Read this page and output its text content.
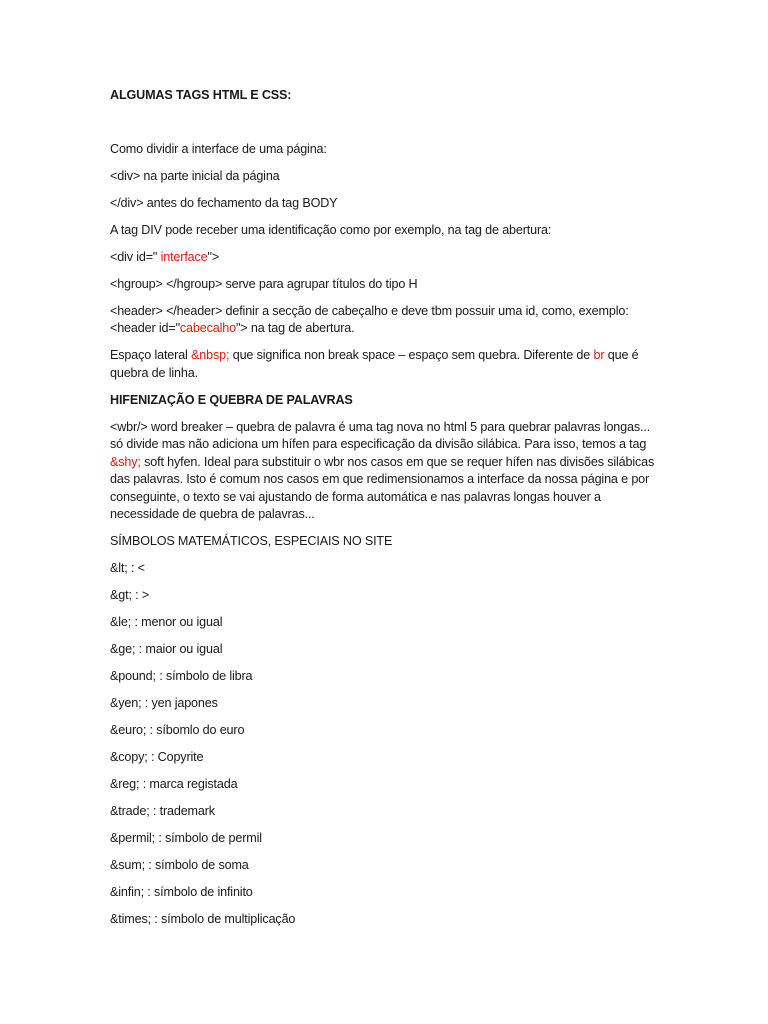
ALGUMAS TAGS HTML E CSS:

Como dividir a interface de uma página:

<div> na parte inicial da página

</div> antes do fechamento da tag BODY

A tag DIV pode receber uma identificação como por exemplo, na tag de abertura:

<div id=" interface">

<hgroup> </hgroup> serve para agrupar títulos do tipo H

<header> </header> definir a secção de cabeçalho e deve tbm possuir uma id, como, exemplo:
<header id="cabecalho"> na tag de abertura.

Espaço lateral &nbsp; que significa non break space – espaço sem quebra. Diferente de br que é quebra de linha.

HIFENIZAÇÃO E QUEBRA DE PALAVRAS

<wbr/> word breaker – quebra de palavra é uma tag nova no html 5 para quebrar palavras longas... só divide mas não adiciona um hífen para especificação da divisão silábica. Para isso, temos a tag &shy; soft hyfen. Ideal para substituir o wbr nos casos em que se requer hífen nas divisões silábicas das palavras. Isto é comum nos casos em que redimensionamos a interface da nossa página e por conseguinte, o texto se vai ajustando de forma automática e nas palavras longas houver a necessidade de quebra de palavras...

SÍMBOLOS MATEMÁTICOS, ESPECIAIS NO SITE

&lt; : <

&gt; : >

&le; : menor ou igual

&ge; : maior ou igual

&pound; : símbolo de libra

&yen; : yen japones

&euro; : síbomlo do euro

&copy; : Copyrite

&reg; : marca registada

&trade; : trademark

&permil; : símbolo de permil

&sum; : símbolo de soma

&infin; : símbolo de infinito

&times; : símbolo de multiplicação
